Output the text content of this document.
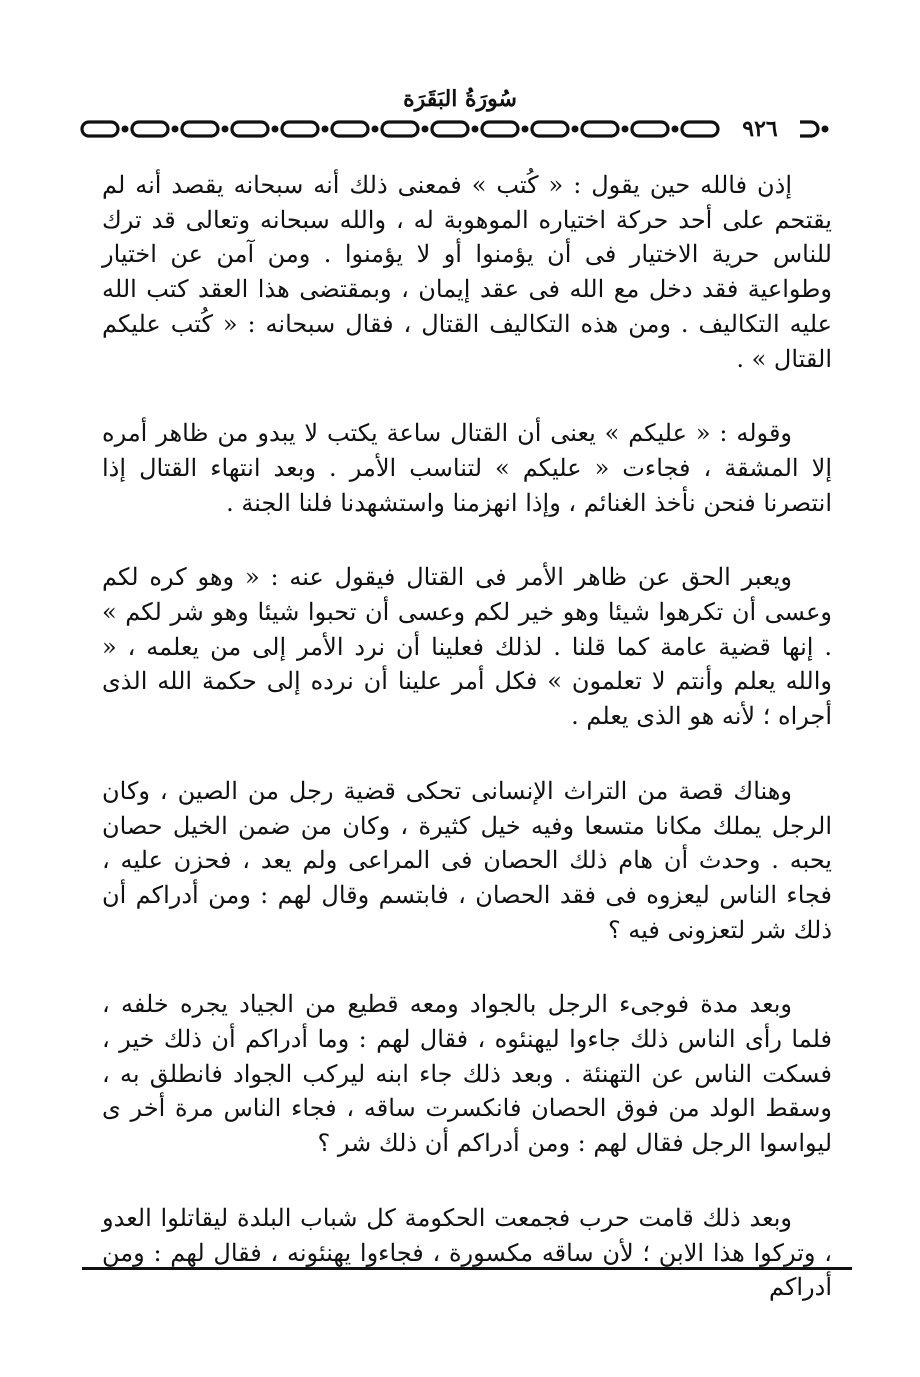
سُورَةُ البَقَرَة
٩٢٦

إذن فالله حين يقول : « كُتب » فمعنى ذلك أنه سبحانه يقصد أنه لم يقتحم على أحد حركة اختياره الموهوبة له ، والله سبحانه وتعالى قد ترك للناس حرية الاختيار فى أن يؤمنوا أو لا يؤمنوا . ومن آمن عن اختيار وطواعية فقد دخل مع الله فى عقد إيمان ، وبمقتضى هذا العقد كتب الله عليه التكاليف . ومن هذه التكاليف القتال ، فقال سبحانه : « كُتب عليكم القتال » .

وقوله : « عليكم » يعنى أن القتال ساعة يكتب لا يبدو من ظاهر أمره إلا المشقة ، فجاءت « عليكم » لتناسب الأمر . وبعد انتهاء القتال إذا انتصرنا فنحن نأخذ الغنائم ، وإذا انهزمنا واستشهدنا فلنا الجنة .

ويعبر الحق عن ظاهر الأمر فى القتال فيقول عنه : « وهو كره لكم وعسى أن تكرهوا شيئا وهو خير لكم وعسى أن تحبوا شيئا وهو شر لكم » . إنها قضية عامة كما قلنا . لذلك فعلينا أن نرد الأمر إلى من يعلمه ، « والله يعلم وأنتم لا تعلمون » فكل أمر علينا أن نرده إلى حكمة الله الذى أجراه ؛ لأنه هو الذى يعلم .

وهناك قصة من التراث الإنسانى تحكى قضية رجل من الصين ، وكان الرجل يملك مكانا متسعا وفيه خيل كثيرة ، وكان من ضمن الخيل حصان يحبه . وحدث أن هام ذلك الحصان فى المراعى ولم يعد ، فحزن عليه ، فجاء الناس ليعزوه فى فقد الحصان ، فابتسم وقال لهم : ومن أدراكم أن ذلك شر لتعزونى فيه ؟

وبعد مدة فوجىء الرجل بالجواد ومعه قطيع من الجياد يجره خلفه ، فلما رأى الناس ذلك جاءوا ليهنئوه ، فقال لهم : وما أدراكم أن ذلك خير ، فسكت الناس عن التهنئة . وبعد ذلك جاء ابنه ليركب الجواد فانطلق به ، وسقط الولد من فوق الحصان فانكسرت ساقه ، فجاء الناس مرة أخر ى ليواسوا الرجل فقال لهم : ومن أدراكم أن ذلك شر ؟

وبعد ذلك قامت حرب فجمعت الحكومة كل شباب البلدة ليقاتلوا العدو ، وتركوا هذا الابن ؛ لأن ساقه مكسورة ، فجاءوا يهنئونه ، فقال لهم : ومن أدراكم
